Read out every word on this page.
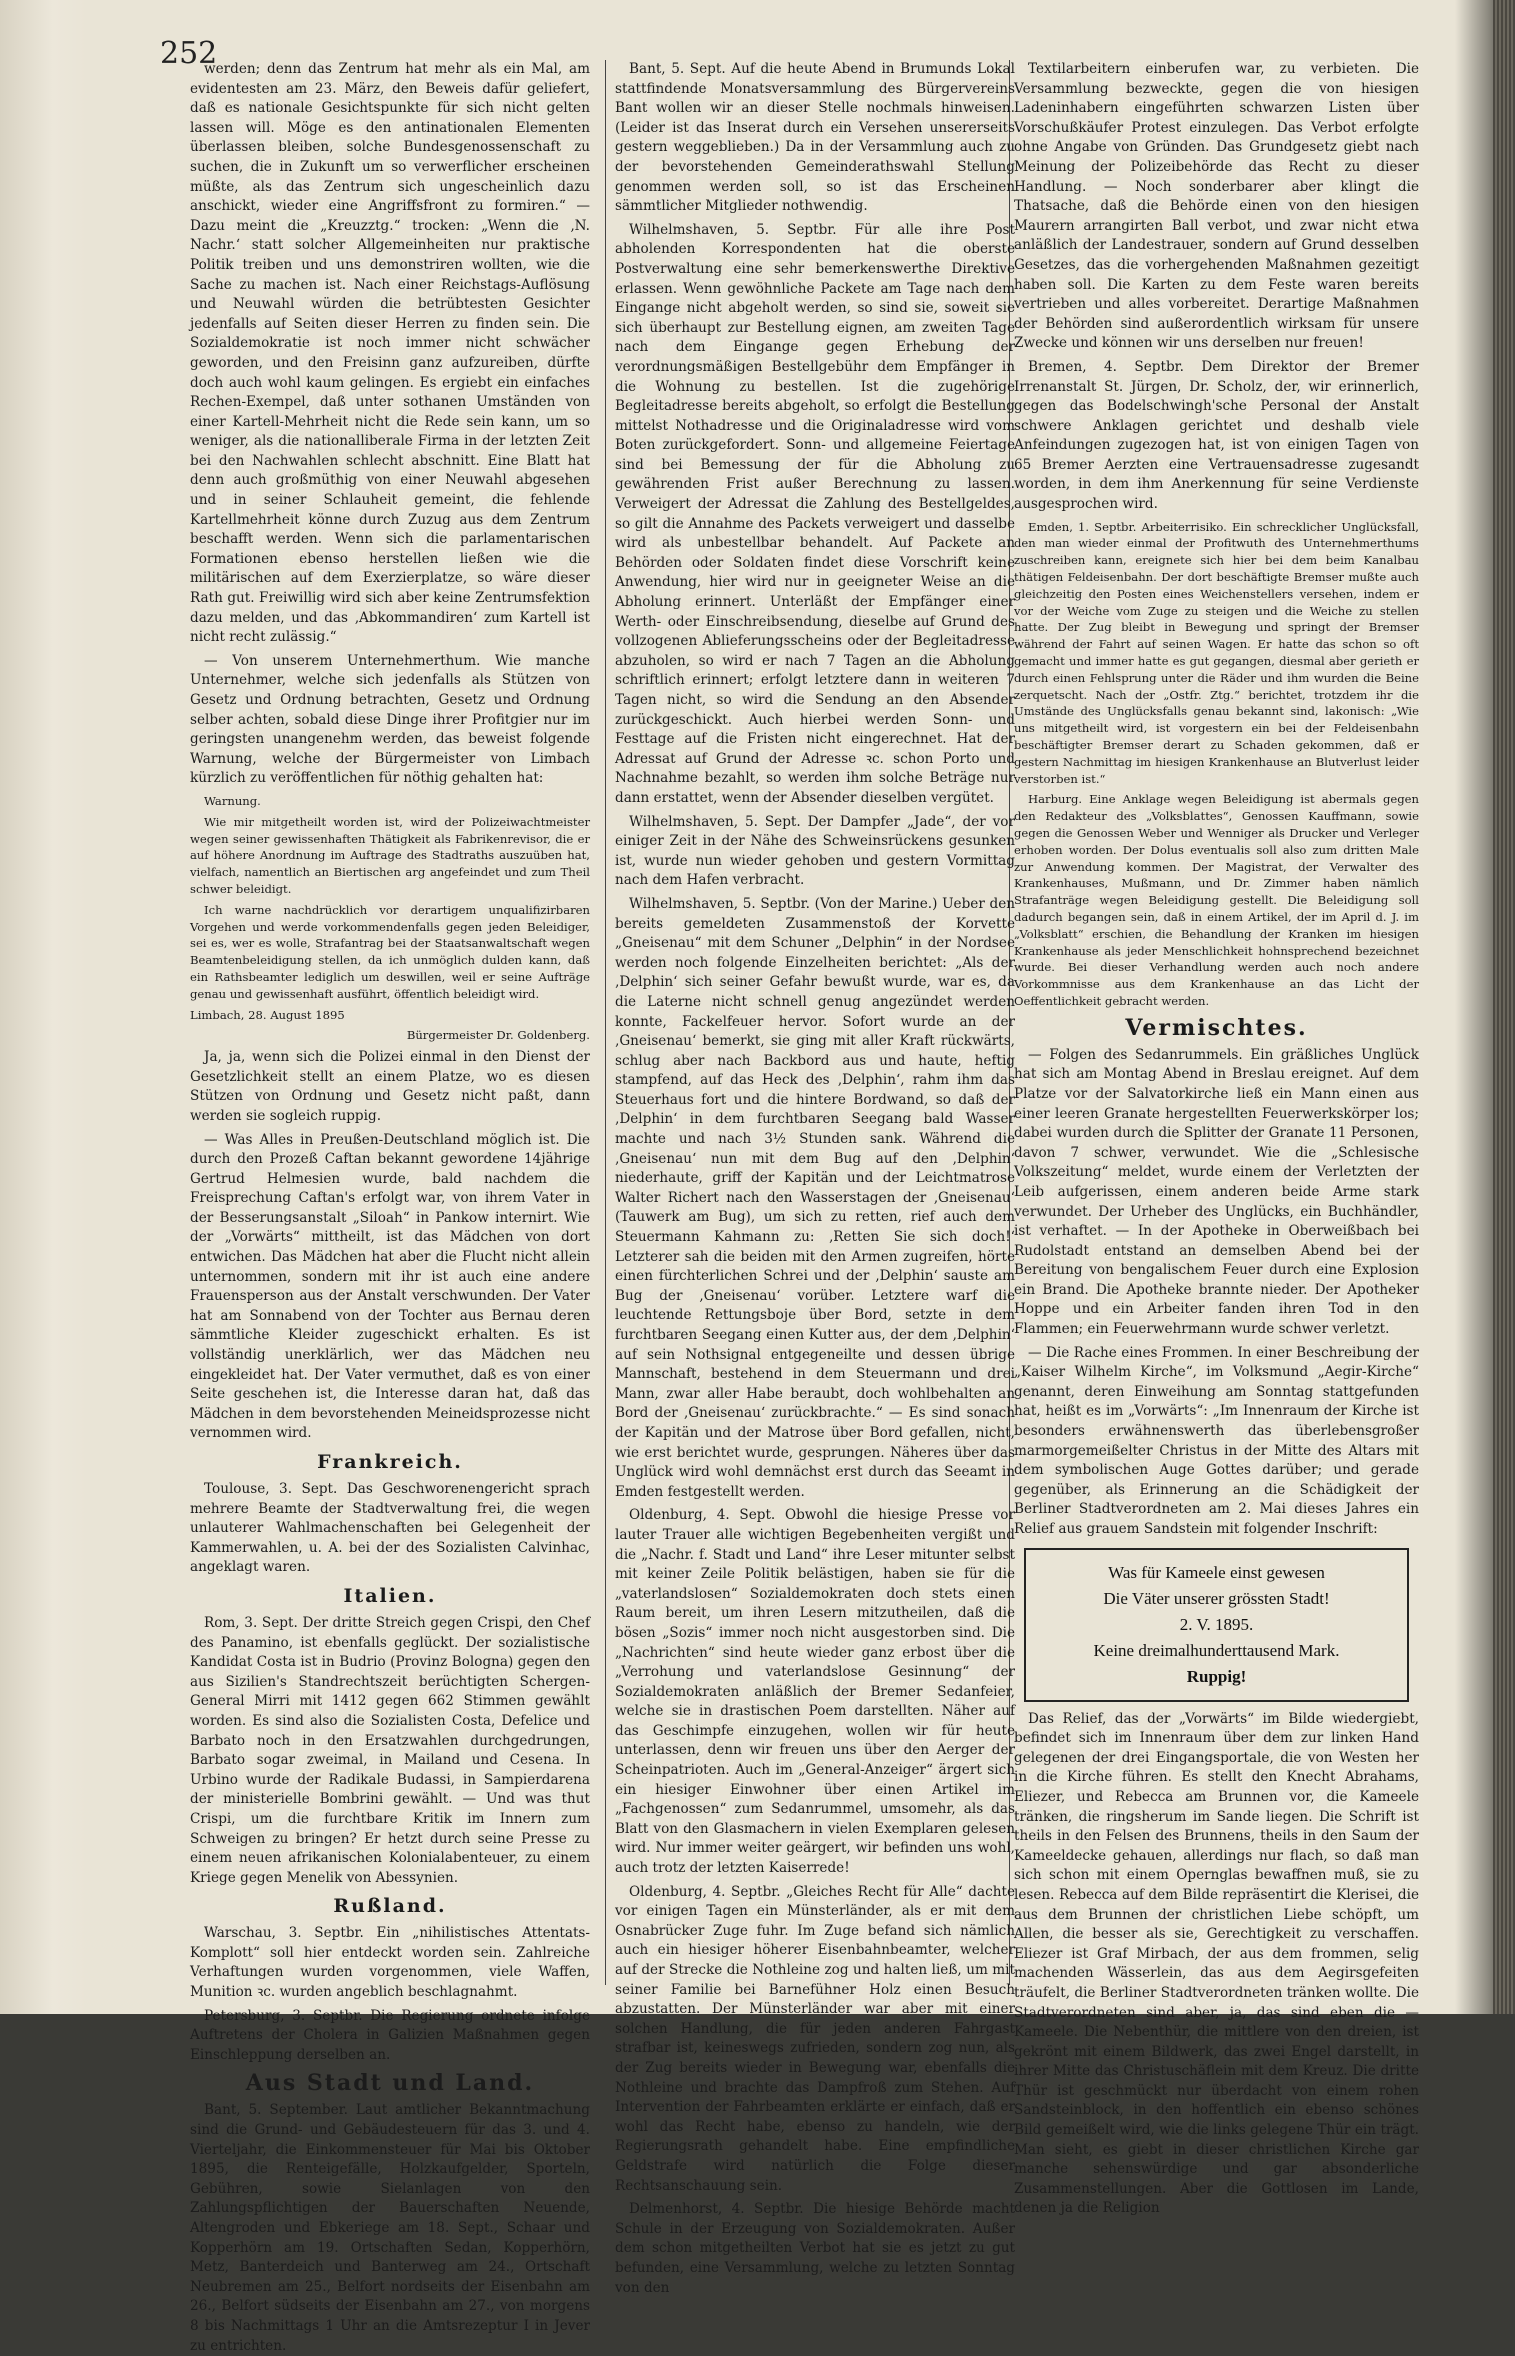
252

werden; denn das Zentrum hat mehr als ein Mal, am evidentesten am 23. März, den Beweis dafür geliefert, daß es nationale Gesichtspunkte für sich nicht gelten lassen will. Möge es den antinationalen Elementen überlassen bleiben, solche Bundesgenossenschaft zu suchen, die in Zukunft um so verwerflicher erscheinen müßte, als das Zentrum sich ungescheinlich dazu anschickt, wieder eine Angriffsfront zu formiren.“ — Dazu meint die „Kreuzztg.“ trocken: „Wenn die ‚N. Nachr.‘ statt solcher Allgemeinheiten nur praktische Politik treiben und uns demonstriren wollten, wie die Sache zu machen ist. Nach einer Reichstags-Auflösung und Neuwahl würden die betrübtesten Gesichter jedenfalls auf Seiten dieser Herren zu finden sein. Die Sozialdemokratie ist noch immer nicht schwächer geworden, und den Freisinn ganz aufzureiben, dürfte doch auch wohl kaum gelingen. Es ergiebt ein einfaches Rechen-Exempel, daß unter sothanen Umständen von einer Kartell-Mehrheit nicht die Rede sein kann, um so weniger, als die nationalliberale Firma in der letzten Zeit bei den Nachwahlen schlecht abschnitt. Eine Blatt hat denn auch großmüthig von einer Neuwahl abgesehen und in seiner Schlauheit gemeint, die fehlende Kartellmehrheit könne durch Zuzug aus dem Zentrum beschafft werden. Wenn sich die parlamentarischen Formationen ebenso herstellen ließen wie die militärischen auf dem Exerzierplatze, so wäre dieser Rath gut. Freiwillig wird sich aber keine Zentrumsfektion dazu melden, und das ‚Abkommandiren‘ zum Kartell ist nicht recht zulässig.“

— Von unserem Unternehmerthum. Wie manche Unternehmer, welche sich jedenfalls als Stützen von Gesetz und Ordnung betrachten, Gesetz und Ordnung selber achten, sobald diese Dinge ihrer Profitgier nur im geringsten unangenehm werden, das beweist folgende Warnung, welche der Bürgermeister von Limbach kürzlich zu veröffentlichen für nöthig gehalten hat:

Warnung.

Wie mir mitgetheilt worden ist, wird der Polizeiwachtmeister wegen seiner gewissenhaften Thätigkeit als Fabrikenrevisor, die er auf höhere Anordnung im Auftrage des Stadtraths auszuüben hat, vielfach, namentlich an Biertischen arg angefeindet und zum Theil schwer beleidigt.

Ich warne nachdrücklich vor derartigem unqualifizirbaren Vorgehen und werde vorkommendenfalls gegen jeden Beleidiger, sei es, wer es wolle, Strafantrag bei der Staatsanwaltschaft wegen Beamtenbeleidigung stellen, da ich unmöglich dulden kann, daß ein Rathsbeamter lediglich um deswillen, weil er seine Aufträge genau und gewissenhaft ausführt, öffentlich beleidigt wird.

Limbach, 28. August 1895
Bürgermeister Dr. Goldenberg.

Ja, ja, wenn sich die Polizei einmal in den Dienst der Gesetzlichkeit stellt an einem Platze, wo es diesen Stützen von Ordnung und Gesetz nicht paßt, dann werden sie sogleich ruppig.

— Was Alles in Preußen-Deutschland möglich ist. Die durch den Prozeß Caftan bekannt gewordene 14jährige Gertrud Helmesien wurde, bald nachdem die Freisprechung Caftan's erfolgt war, von ihrem Vater in der Besserungsanstalt „Siloah“ in Pankow internirt. Wie der „Vorwärts“ mittheilt, ist das Mädchen von dort entwichen. Das Mädchen hat aber die Flucht nicht allein unternommen, sondern mit ihr ist auch eine andere Frauensperson aus der Anstalt verschwunden. Der Vater hat am Sonnabend von der Tochter aus Bernau deren sämmtliche Kleider zugeschickt erhalten. Es ist vollständig unerklärlich, wer das Mädchen neu eingekleidet hat. Der Vater vermuthet, daß es von einer Seite geschehen ist, die Interesse daran hat, daß das Mädchen in dem bevorstehenden Meineidsprozesse nicht vernommen wird.

Frankreich.

Toulouse, 3. Sept. Das Geschworenengericht sprach mehrere Beamte der Stadtverwaltung frei, die wegen unlauterer Wahlmachenschaften bei Gelegenheit der Kammerwahlen, u. A. bei der des Sozialisten Calvinhac, angeklagt waren.

Italien.

Rom, 3. Sept. Der dritte Streich gegen Crispi, den Chef des Panamino, ist ebenfalls geglückt. Der sozialistische Kandidat Costa ist in Budrio (Provinz Bologna) gegen den aus Sizilien's Standrechtszeit berüchtigten Schergen-General Mirri mit 1412 gegen 662 Stimmen gewählt worden. Es sind also die Sozialisten Costa, Defelice und Barbato noch in den Ersatzwahlen durchgedrungen, Barbato sogar zweimal, in Mailand und Cesena. In Urbino wurde der Radikale Budassi, in Sampierdarena der ministerielle Bombrini gewählt. — Und was thut Crispi, um die furchtbare Kritik im Innern zum Schweigen zu bringen? Er hetzt durch seine Presse zu einem neuen afrikanischen Kolonialabenteuer, zu einem Kriege gegen Menelik von Abessynien.

Rußland.

Warschau, 3. Septbr. Ein „nihilistisches Attentats-Komplott“ soll hier entdeckt worden sein. Zahlreiche Verhaftungen wurden vorgenommen, viele Waffen, Munition ꝛc. wurden angeblich beschlagnahmt.

Petersburg, 3. Septbr. Die Regierung ordnete infolge Auftretens der Cholera in Galizien Maßnahmen gegen Einschleppung derselben an.

Aus Stadt und Land.

Bant, 5. September. Laut amtlicher Bekanntmachung sind die Grund- und Gebäudesteuern für das 3. und 4. Vierteljahr, die Einkommensteuer für Mai bis Oktober 1895, die Renteigefälle, Holzkaufgelder, Sporteln, Gebühren, sowie Sielanlagen von den Zahlungspflichtigen der Bauerschaften Neuende, Altengroden und Ebkeriege am 18. Sept., Schaar und Kopperhörn am 19. Ortschaften Sedan, Kopperhörn, Metz, Banterdeich und Banterweg am 24., Ortschaft Neubremen am 25., Belfort nordseits der Eisenbahn am 26., Belfort südseits der Eisenbahn am 27., von morgens 8 bis Nachmittags 1 Uhr an die Amtsrezeptur I in Jever zu entrichten.

Bant, 5. Sept. Auf die heute Abend in Brumunds Lokal stattfindende Monatsversammlung des Bürgervereins Bant wollen wir an dieser Stelle nochmals hinweisen. (Leider ist das Inserat durch ein Versehen unsererseits gestern weggeblieben.) Da in der Versammlung auch zu der bevorstehenden Gemeinderathswahl Stellung genommen werden soll, so ist das Erscheinen sämmtlicher Mitglieder nothwendig.

Wilhelmshaven, 5. Septbr. Für alle ihre Post abholenden Korrespondenten hat die oberste Postverwaltung eine sehr bemerkenswerthe Direktive erlassen. Wenn gewöhnliche Packete am Tage nach dem Eingange nicht abgeholt werden, so sind sie, soweit sie sich überhaupt zur Bestellung eignen, am zweiten Tage nach dem Eingange gegen Erhebung der verordnungsmäßigen Bestellgebühr dem Empfänger in die Wohnung zu bestellen. Ist die zugehörige Begleitadresse bereits abgeholt, so erfolgt die Bestellung mittelst Nothadresse und die Originaladresse wird vom Boten zurückgefordert. Sonn- und allgemeine Feiertage sind bei Bemessung der für die Abholung zu gewährenden Frist außer Berechnung zu lassen. Verweigert der Adressat die Zahlung des Bestellgeldes, so gilt die Annahme des Packets verweigert und dasselbe wird als unbestellbar behandelt. Auf Packete an Behörden oder Soldaten findet diese Vorschrift keine Anwendung, hier wird nur in geeigneter Weise an die Abholung erinnert. Unterläßt der Empfänger einer Werth- oder Einschreibsendung, dieselbe auf Grund des vollzogenen Ablieferungsscheins oder der Begleitadresse abzuholen, so wird er nach 7 Tagen an die Abholung schriftlich erinnert; erfolgt letztere dann in weiteren 7 Tagen nicht, so wird die Sendung an den Absender zurückgeschickt. Auch hierbei werden Sonn- und Festtage auf die Fristen nicht eingerechnet. Hat der Adressat auf Grund der Adresse ꝛc. schon Porto und Nachnahme bezahlt, so werden ihm solche Beträge nur dann erstattet, wenn der Absender dieselben vergütet.

Wilhelmshaven, 5. Sept. Der Dampfer „Jade“, der vor einiger Zeit in der Nähe des Schweinsrückens gesunken ist, wurde nun wieder gehoben und gestern Vormittag nach dem Hafen verbracht.

Wilhelmshaven, 5. Septbr. (Von der Marine.) Ueber den bereits gemeldeten Zusammenstoß der Korvette „Gneisenau“ mit dem Schuner „Delphin“ in der Nordsee werden noch folgende Einzelheiten berichtet: „Als der ‚Delphin‘ sich seiner Gefahr bewußt wurde, war es, da die Laterne nicht schnell genug angezündet werden konnte, Fackelfeuer hervor. Sofort wurde an der ‚Gneisenau‘ bemerkt, sie ging mit aller Kraft rückwärts, schlug aber nach Backbord aus und haute, heftig stampfend, auf das Heck des ‚Delphin‘, rahm ihm das Steuerhaus fort und die hintere Bordwand, so daß der ‚Delphin‘ in dem furchtbaren Seegang bald Wasser machte und nach 3½ Stunden sank. Während die ‚Gneisenau‘ nun mit dem Bug auf den ‚Delphin‘ niederhaute, griff der Kapitän und der Leichtmatrose Walter Richert nach den Wasserstagen der ‚Gneisenau‘ (Tauwerk am Bug), um sich zu retten, rief auch dem Steuermann Kahmann zu: ‚Retten Sie sich doch!‘ Letzterer sah die beiden mit den Armen zugreifen, hörte einen fürchterlichen Schrei und der ‚Delphin‘ sauste am Bug der ‚Gneisenau‘ vorüber. Letztere warf die leuchtende Rettungsboje über Bord, setzte in dem furchtbaren Seegang einen Kutter aus, der dem ‚Delphin‘ auf sein Nothsignal entgegeneilte und dessen übrige Mannschaft, bestehend in dem Steuermann und drei Mann, zwar aller Habe beraubt, doch wohlbehalten an Bord der ‚Gneisenau‘ zurückbrachte.“ — Es sind sonach der Kapitän und der Matrose über Bord gefallen, nicht, wie erst berichtet wurde, gesprungen. Näheres über das Unglück wird wohl demnächst erst durch das Seeamt in Emden festgestellt werden.

Oldenburg, 4. Sept. Obwohl die hiesige Presse vor lauter Trauer alle wichtigen Begebenheiten vergißt und die „Nachr. f. Stadt und Land“ ihre Leser mitunter selbst mit keiner Zeile Politik belästigen, haben sie für die „vaterlandslosen“ Sozialdemokraten doch stets einen Raum bereit, um ihren Lesern mitzutheilen, daß die bösen „Sozis“ immer noch nicht ausgestorben sind. Die „Nachrichten“ sind heute wieder ganz erbost über die „Verrohung und vaterlandslose Gesinnung“ der Sozialdemokraten anläßlich der Bremer Sedanfeier, welche sie in drastischen Poem darstellten. Näher auf das Geschimpfe einzugehen, wollen wir für heute unterlassen, denn wir freuen uns über den Aerger der Scheinpatrioten. Auch im „General-Anzeiger“ ärgert sich ein hiesiger Einwohner über einen Artikel im „Fachgenossen“ zum Sedanrummel, umsomehr, als das Blatt von den Glasmachern in vielen Exemplaren gelesen wird. Nur immer weiter geärgert, wir befinden uns wohl, auch trotz der letzten Kaiserrede!

Oldenburg, 4. Septbr. „Gleiches Recht für Alle“ dachte vor einigen Tagen ein Münsterländer, als er mit dem Osnabrücker Zuge fuhr. Im Zuge befand sich nämlich auch ein hiesiger höherer Eisenbahnbeamter, welcher auf der Strecke die Nothleine zog und halten ließ, um mit seiner Familie bei Barnefühner Holz einen Besuch abzustatten. Der Münsterländer war aber mit einer solchen Handlung, die für jeden anderen Fahrgast strafbar ist, keineswegs zufrieden, sondern zog nun, als der Zug bereits wieder in Bewegung war, ebenfalls die Nothleine und brachte das Dampfroß zum Stehen. Auf Intervention der Fahrbeamten erklärte er einfach, daß er wohl das Recht habe, ebenso zu handeln, wie der Regierungsrath gehandelt habe. Eine empfindliche Geldstrafe wird natürlich die Folge dieser Rechtsanschauung sein.

Delmenhorst, 4. Septbr. Die hiesige Behörde macht Schule in der Erzeugung von Sozialdemokraten. Außer dem schon mitgetheilten Verbot hat sie es jetzt zu gut befunden, eine Versammlung, welche zu letzten Sonntag von den

Textilarbeitern einberufen war, zu verbieten. Die Versammlung bezweckte, gegen die von hiesigen Ladeninhabern eingeführten schwarzen Listen über Vorschußkäufer Protest einzulegen. Das Verbot erfolgte ohne Angabe von Gründen. Das Grundgesetz giebt nach Meinung der Polizeibehörde das Recht zu dieser Handlung. — Noch sonderbarer aber klingt die Thatsache, daß die Behörde einen von den hiesigen Maurern arrangirten Ball verbot, und zwar nicht etwa anläßlich der Landestrauer, sondern auf Grund desselben Gesetzes, das die vorhergehenden Maßnahmen gezeitigt haben soll. Die Karten zu dem Feste waren bereits vertrieben und alles vorbereitet. Derartige Maßnahmen der Behörden sind außerordentlich wirksam für unsere Zwecke und können wir uns derselben nur freuen!

Bremen, 4. Septbr. Dem Direktor der Bremer Irrenanstalt St. Jürgen, Dr. Scholz, der, wir erinnerlich, gegen das Bodelschwingh'sche Personal der Anstalt schwere Anklagen gerichtet und deshalb viele Anfeindungen zugezogen hat, ist von einigen Tagen von 65 Bremer Aerzten eine Vertrauensadresse zugesandt worden, in dem ihm Anerkennung für seine Verdienste ausgesprochen wird.

Emden, 1. Septbr. Arbeiterrisiko. Ein schrecklicher Unglücksfall, den man wieder einmal der Profitwuth des Unternehmerthums zuschreiben kann, ereignete sich hier bei dem beim Kanalbau thätigen Feldeisenbahn. Der dort beschäftigte Bremser mußte auch gleichzeitig den Posten eines Weichenstellers versehen, indem er vor der Weiche vom Zuge zu steigen und die Weiche zu stellen hatte. Der Zug bleibt in Bewegung und springt der Bremser während der Fahrt auf seinen Wagen. Er hatte das schon so oft gemacht und immer hatte es gut gegangen, diesmal aber gerieth er durch einen Fehlsprung unter die Räder und ihm wurden die Beine zerquetscht. Nach der „Ostfr. Ztg.“ berichtet, trotzdem ihr die Umstände des Unglücksfalls genau bekannt sind, lakonisch: „Wie uns mitgetheilt wird, ist vorgestern ein bei der Feldeisenbahn beschäftigter Bremser derart zu Schaden gekommen, daß er gestern Nachmittag im hiesigen Krankenhause an Blutverlust leider verstorben ist.“

Harburg. Eine Anklage wegen Beleidigung ist abermals gegen den Redakteur des „Volksblattes“, Genossen Kauffmann, sowie gegen die Genossen Weber und Wenniger als Drucker und Verleger erhoben worden. Der Dolus eventualis soll also zum dritten Male zur Anwendung kommen. Der Magistrat, der Verwalter des Krankenhauses, Mußmann, und Dr. Zimmer haben nämlich Strafanträge wegen Beleidigung gestellt. Die Beleidigung soll dadurch begangen sein, daß in einem Artikel, der im April d. J. im „Volksblatt“ erschien, die Behandlung der Kranken im hiesigen Krankenhause als jeder Menschlichkeit hohnsprechend bezeichnet wurde. Bei dieser Verhandlung werden auch noch andere Vorkommnisse aus dem Krankenhause an das Licht der Oeffentlichkeit gebracht werden.

Vermischtes.

— Folgen des Sedanrummels. Ein gräßliches Unglück hat sich am Montag Abend in Breslau ereignet. Auf dem Platze vor der Salvatorkirche ließ ein Mann einen aus einer leeren Granate hergestellten Feuerwerkskörper los; dabei wurden durch die Splitter der Granate 11 Personen, davon 7 schwer, verwundet. Wie die „Schlesische Volkszeitung“ meldet, wurde einem der Verletzten der Leib aufgerissen, einem anderen beide Arme stark verwundet. Der Urheber des Unglücks, ein Buchhändler, ist verhaftet. — In der Apotheke in Oberweißbach bei Rudolstadt entstand an demselben Abend bei der Bereitung von bengalischem Feuer durch eine Explosion ein Brand. Die Apotheke brannte nieder. Der Apotheker Hoppe und ein Arbeiter fanden ihren Tod in den Flammen; ein Feuerwehrmann wurde schwer verletzt.

— Die Rache eines Frommen. In einer Beschreibung der „Kaiser Wilhelm Kirche“, im Volksmund „Aegir-Kirche“ genannt, deren Einweihung am Sonntag stattgefunden hat, heißt es im „Vorwärts“: „Im Innenraum der Kirche ist besonders erwähnenswerth das überlebensgroßer marmorgemeißelter Christus in der Mitte des Altars mit dem symbolischen Auge Gottes darüber; und gerade gegenüber, als Erinnerung an die Schädigkeit der Berliner Stadtverordneten am 2. Mai dieses Jahres ein Relief aus grauem Sandstein mit folgender Inschrift:

Was für Kameele einst gewesen
Die Väter unserer grössten Stadt!
2. V. 1895.
Keine dreimalhunderttausend Mark.
Ruppig!

Das Relief, das der „Vorwärts“ im Bilde wiedergiebt, befindet sich im Innenraum über dem zur linken Hand gelegenen der drei Eingangsportale, die von Westen her in die Kirche führen. Es stellt den Knecht Abrahams, Eliezer, und Rebecca am Brunnen vor, die Kameele tränken, die ringsherum im Sande liegen. Die Schrift ist theils in den Felsen des Brunnens, theils in den Saum der Kameeldecke gehauen, allerdings nur flach, so daß man sich schon mit einem Opernglas bewaffnen muß, sie zu lesen. Rebecca auf dem Bilde repräsentirt die Klerisei, die aus dem Brunnen der christlichen Liebe schöpft, um Allen, die besser als sie, Gerechtigkeit zu verschaffen. Eliezer ist Graf Mirbach, der aus dem frommen, selig machenden Wässerlein, das aus dem Aegirsgefeiten träufelt, die Berliner Stadtverordneten tränken wollte. Die Stadtverordneten sind aber, ja, das sind eben die — Kameele. Die Nebenthür, die mittlere von den dreien, ist gekrönt mit einem Bildwerk, das zwei Engel darstellt, in ihrer Mitte das Christuschäflein mit dem Kreuz. Die dritte Thür ist geschmückt nur überdacht von einem rohen Sandsteinblock, in den hoffentlich ein ebenso schönes Bild gemeißelt wird, wie die links gelegene Thür ein trägt. Man sieht, es giebt in dieser christlichen Kirche gar manche sehenswürdige und gar absonderliche Zusammenstellungen. Aber die Gottlosen im Lande, denen ja die Religion
